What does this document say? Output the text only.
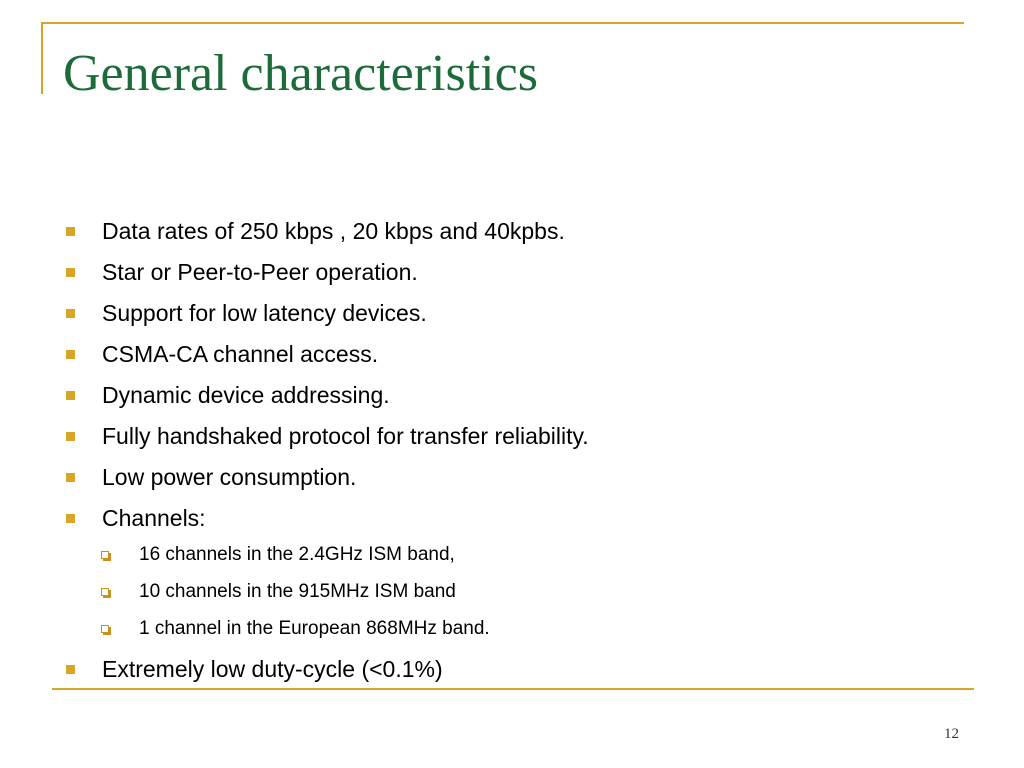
General characteristics
Data rates of 250 kbps , 20 kbps and 40kpbs.
Star or Peer-to-Peer operation.
Support for low latency devices.
CSMA-CA channel access.
Dynamic device addressing.
Fully handshaked protocol for transfer reliability.
Low power consumption.
Channels:
16 channels in the 2.4GHz ISM band,
10 channels in the 915MHz ISM band
1 channel in the European 868MHz band.
Extremely low duty-cycle (<0.1%)
12
